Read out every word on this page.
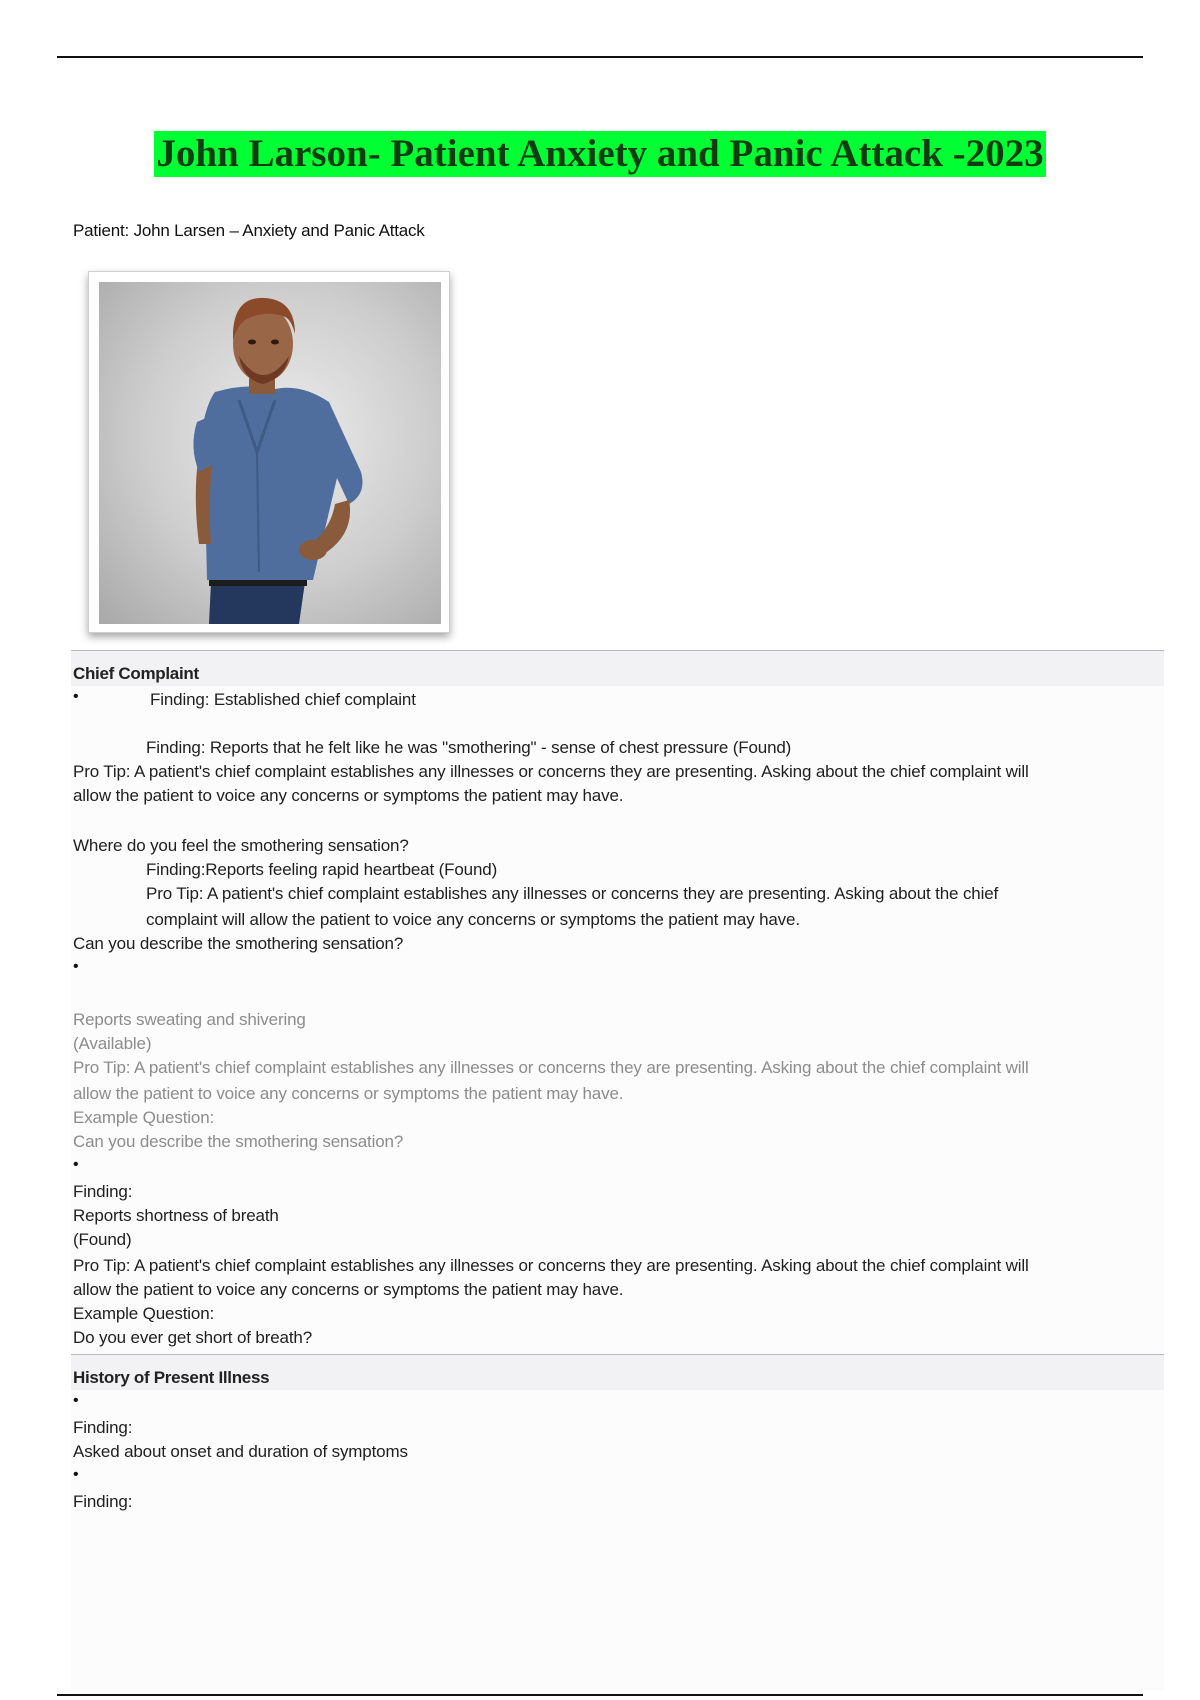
John Larson- Patient Anxiety and Panic Attack -2023
Patient: John Larsen – Anxiety and Panic Attack
Chief Complaint
•	Finding: Established chief complaint
Finding: Reports that he felt like he was "smothering" - sense of chest pressure (Found)
Pro Tip: A patient's chief complaint establishes any illnesses or concerns they are presenting. Asking about the chief complaint will
allow the patient to voice any concerns or symptoms the patient may have.
Where do you feel the smothering sensation?
Finding:Reports feeling rapid heartbeat (Found)
Pro Tip: A patient's chief complaint establishes any illnesses or concerns they are presenting. Asking about the chief
complaint will allow the patient to voice any concerns or symptoms the patient may have.
Can you describe the smothering sensation?
•
Reports sweating and shivering
(Available)
Pro Tip: A patient's chief complaint establishes any illnesses or concerns they are presenting. Asking about the chief complaint will
allow the patient to voice any concerns or symptoms the patient may have.
Example Question:
Can you describe the smothering sensation?
•
Finding:
Reports shortness of breath
(Found)
Pro Tip: A patient's chief complaint establishes any illnesses or concerns they are presenting. Asking about the chief complaint will
allow the patient to voice any concerns or symptoms the patient may have.
Example Question:
Do you ever get short of breath?
History of Present Illness
•
Finding:
Asked about onset and duration of symptoms
•
Finding:
